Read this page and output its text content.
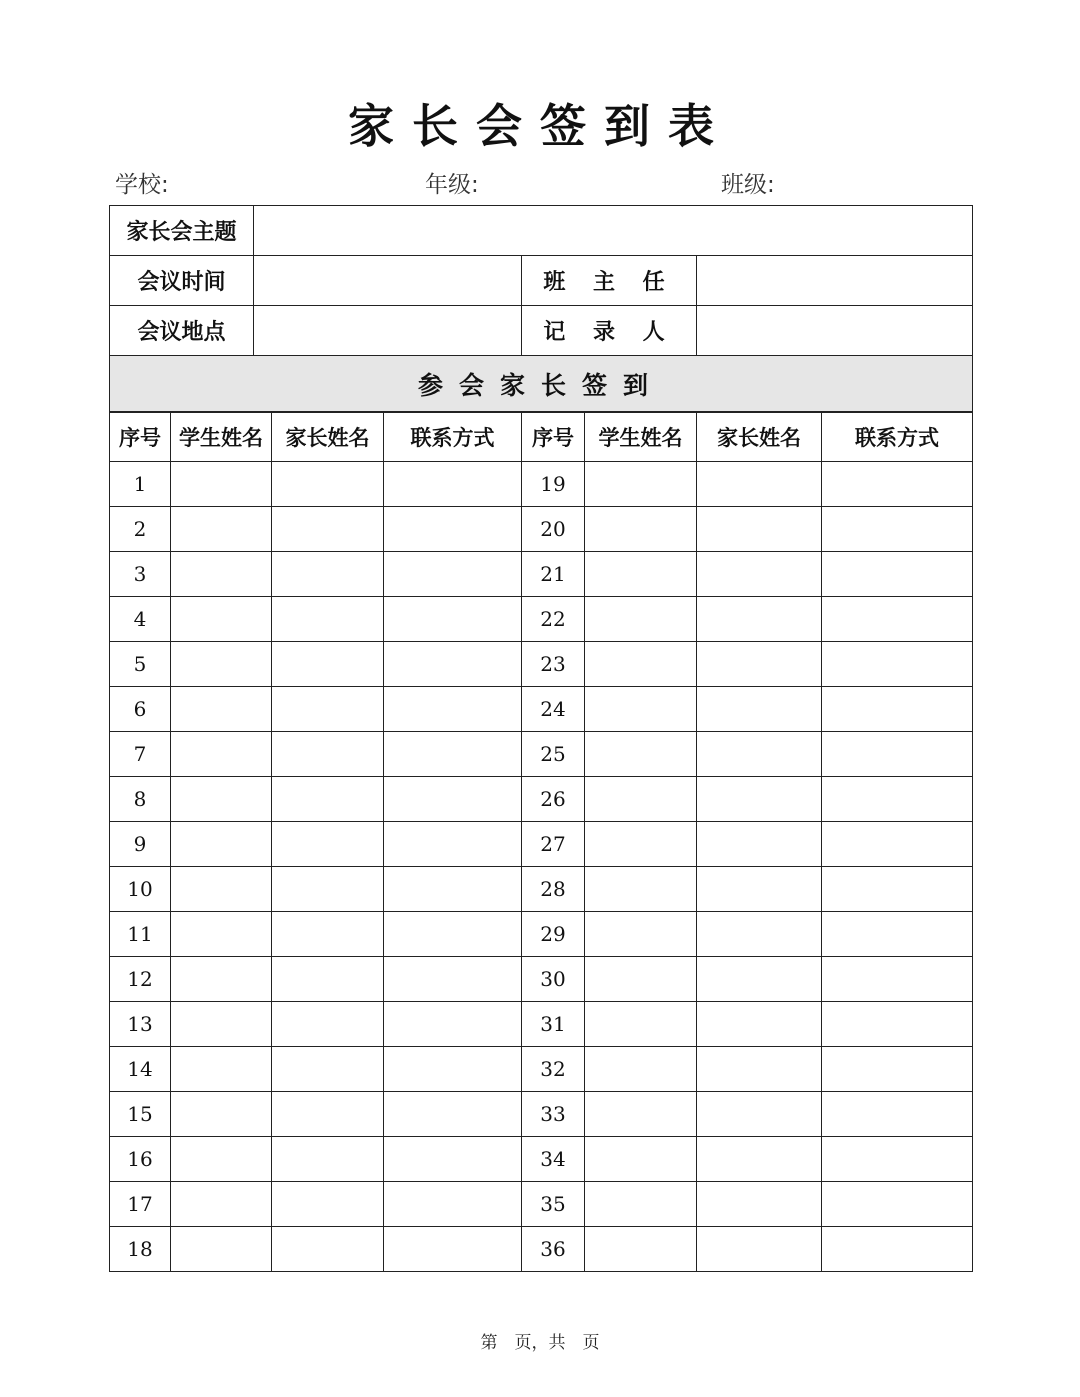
家长会签到表
学校:	年级:	班级:
家长会主题			
会议时间		班 主 任	
会议地点		记 录 人	
参会家长签到			
序号	学生姓名	家长姓名	联系方式	序号	学生姓名	家长姓名	联系方式
1				19			
2				20			
3				21			
4				22			
5				23			
6				24			
7				25			
8				26			
9				27			
10				28			
11				29			
12				30			
13				31			
14				32			
15				33			
16				34			
17				35			
18				36			
第　页，共　页
